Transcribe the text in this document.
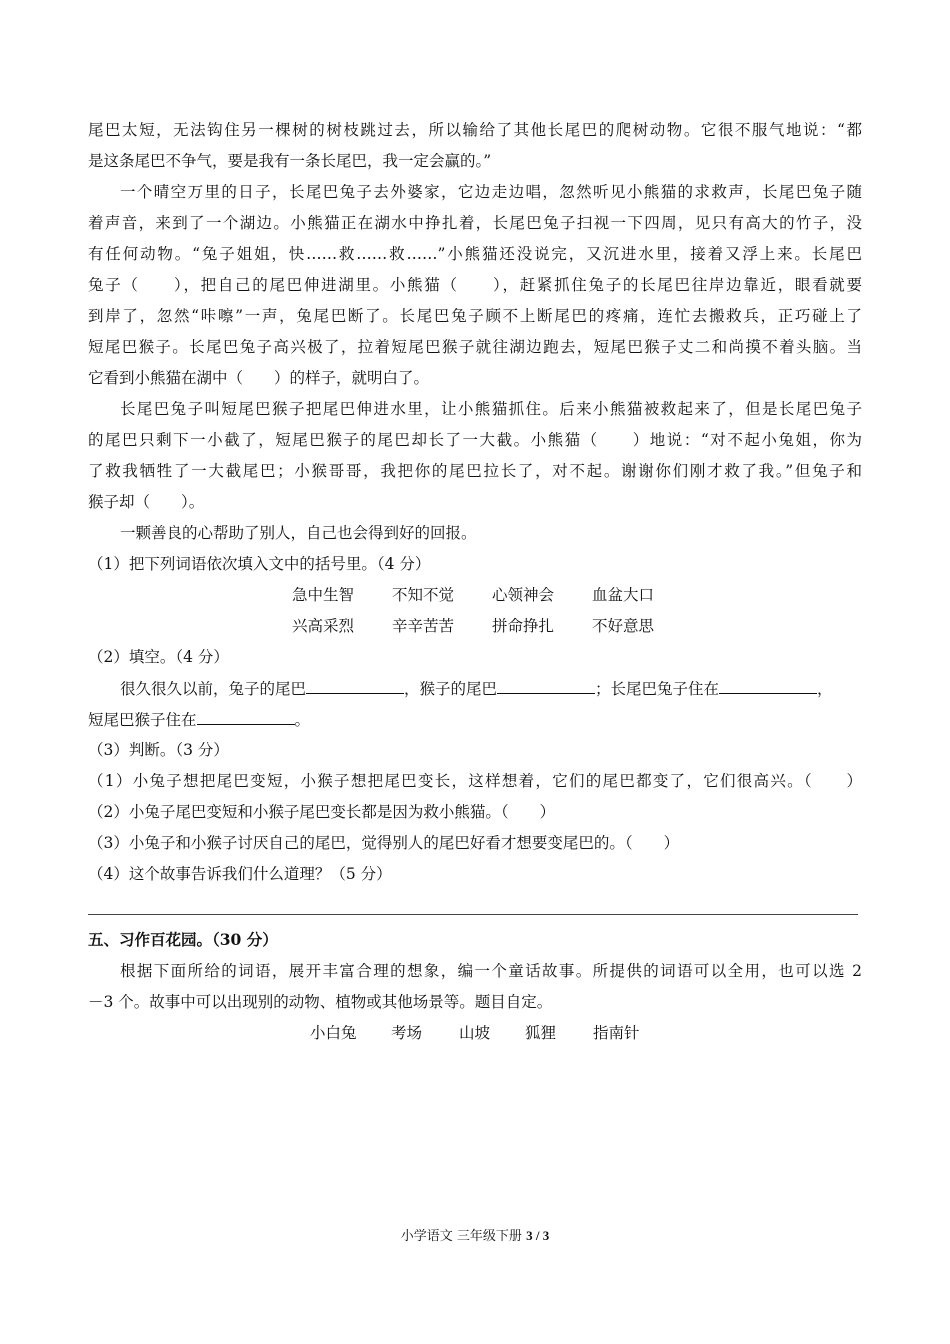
尾巴太短，无法钩住另一棵树的树枝跳过去，所以输给了其他长尾巴的爬树动物。它很不服气地说：“都
是这条尾巴不争气，要是我有一条长尾巴，我一定会赢的。”
一个晴空万里的日子，长尾巴兔子去外婆家，它边走边唱，忽然听见小熊猫的求救声，长尾巴兔子随
着声音，来到了一个湖边。小熊猫正在湖水中挣扎着，长尾巴兔子扫视一下四周，见只有高大的竹子，没
有任何动物。“兔子姐姐，快……救……救……”小熊猫还没说完，又沉进水里，接着又浮上来。长尾巴
兔子（　　），把自己的尾巴伸进湖里。小熊猫（　　），赶紧抓住兔子的长尾巴往岸边靠近，眼看就要
到岸了，忽然“咔嚓”一声，兔尾巴断了。长尾巴兔子顾不上断尾巴的疼痛，连忙去搬救兵，正巧碰上了
短尾巴猴子。长尾巴兔子高兴极了，拉着短尾巴猴子就往湖边跑去，短尾巴猴子丈二和尚摸不着头脑。当
它看到小熊猫在湖中（　　）的样子，就明白了。
长尾巴兔子叫短尾巴猴子把尾巴伸进水里，让小熊猫抓住。后来小熊猫被救起来了，但是长尾巴兔子
的尾巴只剩下一小截了，短尾巴猴子的尾巴却长了一大截。小熊猫（　　）地说：“对不起小兔姐，你为
了救我牺牲了一大截尾巴；小猴哥哥，我把你的尾巴拉长了，对不起。谢谢你们刚才救了我。”但兔子和
猴子却（　　）。
一颗善良的心帮助了别人，自己也会得到好的回报。
（1）把下列词语依次填入文中的括号里。（4 分）
急中生智 不知不觉 心领神会 血盆大口
兴高采烈 辛辛苦苦 拼命挣扎 不好意思
（2）填空。（4 分）
很久很久以前，兔子的尾巴	，猴子的尾巴	；长尾巴兔子住在	，
短尾巴猴子住在	。
（3）判断。（3 分）
（1）小兔子想把尾巴变短，小猴子想把尾巴变长，这样想着，它们的尾巴都变了，它们很高兴。（　　）
（2）小兔子尾巴变短和小猴子尾巴变长都是因为救小熊猫。（　　）
（3）小兔子和小猴子讨厌自己的尾巴，觉得别人的尾巴好看才想要变尾巴的。（　　）
（4）这个故事告诉我们什么道理？（5 分）
五、习作百花园。（30 分）
根据下面所给的词语，展开丰富合理的想象，编一个童话故事。所提供的词语可以全用，也可以选 2
－3 个。故事中可以出现别的动物、植物或其他场景等。题目自定。
小白兔 考场 山坡 狐狸 指南针
小学语文 三年级下册 3 / 3
